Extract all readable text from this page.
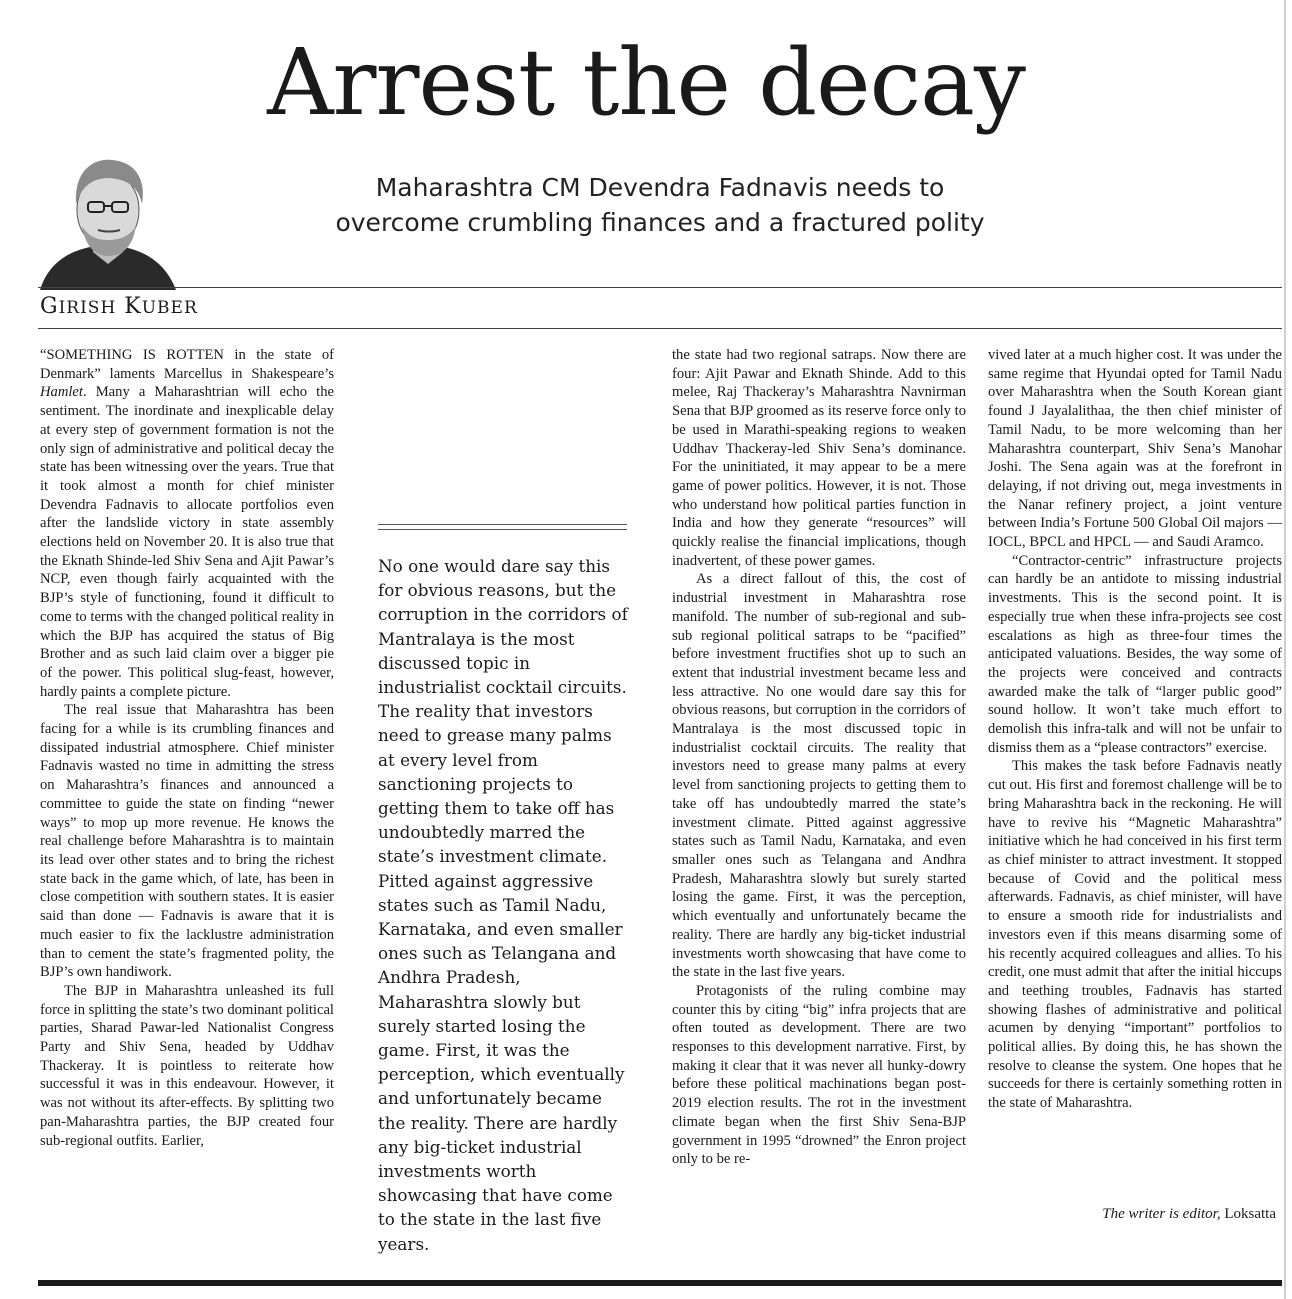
Arrest the decay
Maharashtra CM Devendra Fadnavis needs to overcome crumbling finances and a fractured polity
GIRISH KUBER

“SOMETHING IS ROTTEN in the state of Denmark” laments Marcellus in Shakespeare’s Hamlet. Many a Maharashtrian will echo the sentiment. The inordinate and inexplicable delay at every step of government formation is not the only sign of administrative and political decay the state has been witnessing over the years. True that it took almost a month for chief minister Devendra Fadnavis to allocate portfolios even after the landslide victory in state assembly elections held on November 20. It is also true that the Eknath Shinde-led Shiv Sena and Ajit Pawar’s NCP, even though fairly acquainted with the BJP’s style of functioning, found it difficult to come to terms with the changed political reality in which the BJP has acquired the status of Big Brother and as such laid claim over a bigger pie of the power. This political slug-feast, however, hardly paints a complete picture.

The real issue that Maharashtra has been facing for a while is its crumbling finances and dissipated industrial atmosphere. Chief minister Fadnavis wasted no time in admitting the stress on Maharashtra’s finances and announced a committee to guide the state on finding “newer ways” to mop up more revenue. He knows the real challenge before Maharashtra is to maintain its lead over other states and to bring the richest state back in the game which, of late, has been in close competition with southern states. It is easier said than done — Fadnavis is aware that it is much easier to fix the lacklustre administration than to cement the state’s fragmented polity, the BJP’s own handiwork.

The BJP in Maharashtra unleashed its full force in splitting the state’s two dominant political parties, Sharad Pawar-led Nationalist Congress Party and Shiv Sena, headed by Uddhav Thackeray. It is pointless to reiterate how successful it was in this endeavour. However, it was not without its after-effects. By splitting two pan-Maharashtra parties, the BJP created four sub-regional outfits. Earlier,

No one would dare say this for obvious reasons, but the corruption in the corridors of Mantralaya is the most discussed topic in industrialist cocktail circuits. The reality that investors need to grease many palms at every level from sanctioning projects to getting them to take off has undoubtedly marred the state’s investment climate. Pitted against aggressive states such as Tamil Nadu, Karnataka, and even smaller ones such as Telangana and Andhra Pradesh, Maharashtra slowly but surely started losing the game. First, it was the perception, which eventually and unfortunately became the reality. There are hardly any big-ticket industrial investments worth showcasing that have come to the state in the last five years.

the state had two regional satraps. Now there are four: Ajit Pawar and Eknath Shinde. Add to this melee, Raj Thackeray’s Maharashtra Navnirman Sena that BJP groomed as its reserve force only to be used in Marathi-speaking regions to weaken Uddhav Thackeray-led Shiv Sena’s dominance. For the uninitiated, it may appear to be a mere game of power politics. However, it is not. Those who understand how political parties function in India and how they generate “resources” will quickly realise the financial implications, though inadvertent, of these power games.

As a direct fallout of this, the cost of industrial investment in Maharashtra rose manifold. The number of sub-regional and sub-sub regional political satraps to be “pacified” before investment fructifies shot up to such an extent that industrial investment became less and less attractive. No one would dare say this for obvious reasons, but corruption in the corridors of Mantralaya is the most discussed topic in industrialist cocktail circuits. The reality that investors need to grease many palms at every level from sanctioning projects to getting them to take off has undoubtedly marred the state’s investment climate. Pitted against aggressive states such as Tamil Nadu, Karnataka, and even smaller ones such as Telangana and Andhra Pradesh, Maharashtra slowly but surely started losing the game. First, it was the perception, which eventually and unfortunately became the reality. There are hardly any big-ticket industrial investments worth showcasing that have come to the state in the last five years.

Protagonists of the ruling combine may counter this by citing “big” infra projects that are often touted as development. There are two responses to this development narrative. First, by making it clear that it was never all hunky-dowry before these political machinations began post-2019 election results. The rot in the investment climate began when the first Shiv Sena-BJP government in 1995 “drowned” the Enron project only to be re-

vived later at a much higher cost. It was under the same regime that Hyundai opted for Tamil Nadu over Maharashtra when the South Korean giant found J Jayalalithaa, the then chief minister of Tamil Nadu, to be more welcoming than her Maharashtra counterpart, Shiv Sena’s Manohar Joshi. The Sena again was at the forefront in delaying, if not driving out, mega investments in the Nanar refinery project, a joint venture between India’s Fortune 500 Global Oil majors — IOCL, BPCL and HPCL — and Saudi Aramco.

“Contractor-centric” infrastructure projects can hardly be an antidote to missing industrial investments. This is the second point. It is especially true when these infra-projects see cost escalations as high as three-four times the anticipated valuations. Besides, the way some of the projects were conceived and contracts awarded make the talk of “larger public good” sound hollow. It won’t take much effort to demolish this infra-talk and will not be unfair to dismiss them as a “please contractors” exercise.

This makes the task before Fadnavis neatly cut out. His first and foremost challenge will be to bring Maharashtra back in the reckoning. He will have to revive his “Magnetic Maharashtra” initiative which he had conceived in his first term as chief minister to attract investment. It stopped because of Covid and the political mess afterwards. Fadnavis, as chief minister, will have to ensure a smooth ride for industrialists and investors even if this means disarming some of his recently acquired colleagues and allies. To his credit, one must admit that after the initial hiccups and teething troubles, Fadnavis has started showing flashes of administrative and political acumen by denying “important” portfolios to political allies. By doing this, he has shown the resolve to cleanse the system. One hopes that he succeeds for there is certainly something rotten in the state of Maharashtra.

The writer is editor, Loksatta
